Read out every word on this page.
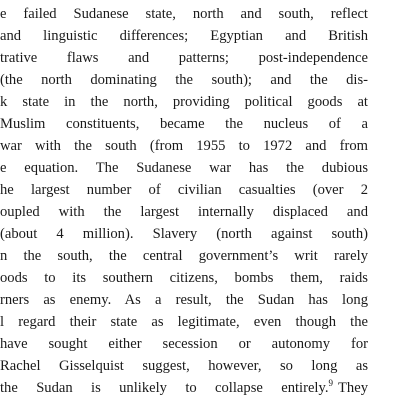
e failed Sudanese state, north and south, reflect

and linguistic differences; Egyptian and British

trative flaws and patterns; post-independence

(the north dominating the south); and the dis-

k state in the north, providing political goods at

Muslim constituents, became the nucleus of a

war with the south (from 1955 to 1972 and from

e equation. The Sudanese war has the dubious

he largest number of civilian casualties (over 2

oupled with the largest internally displaced and

(about 4 million). Slavery (north against south)

n the south, the central government’s writ rarely

oods to its southern citizens, bombs them, raids

rners as enemy. As a result, the Sudan has long

l regard their state as legitimate, even though the

have sought either secession or autonomy for

Rachel Gisselquist suggest, however, so long as

the Sudan is unlikely to collapse entirely.$^9$ They
